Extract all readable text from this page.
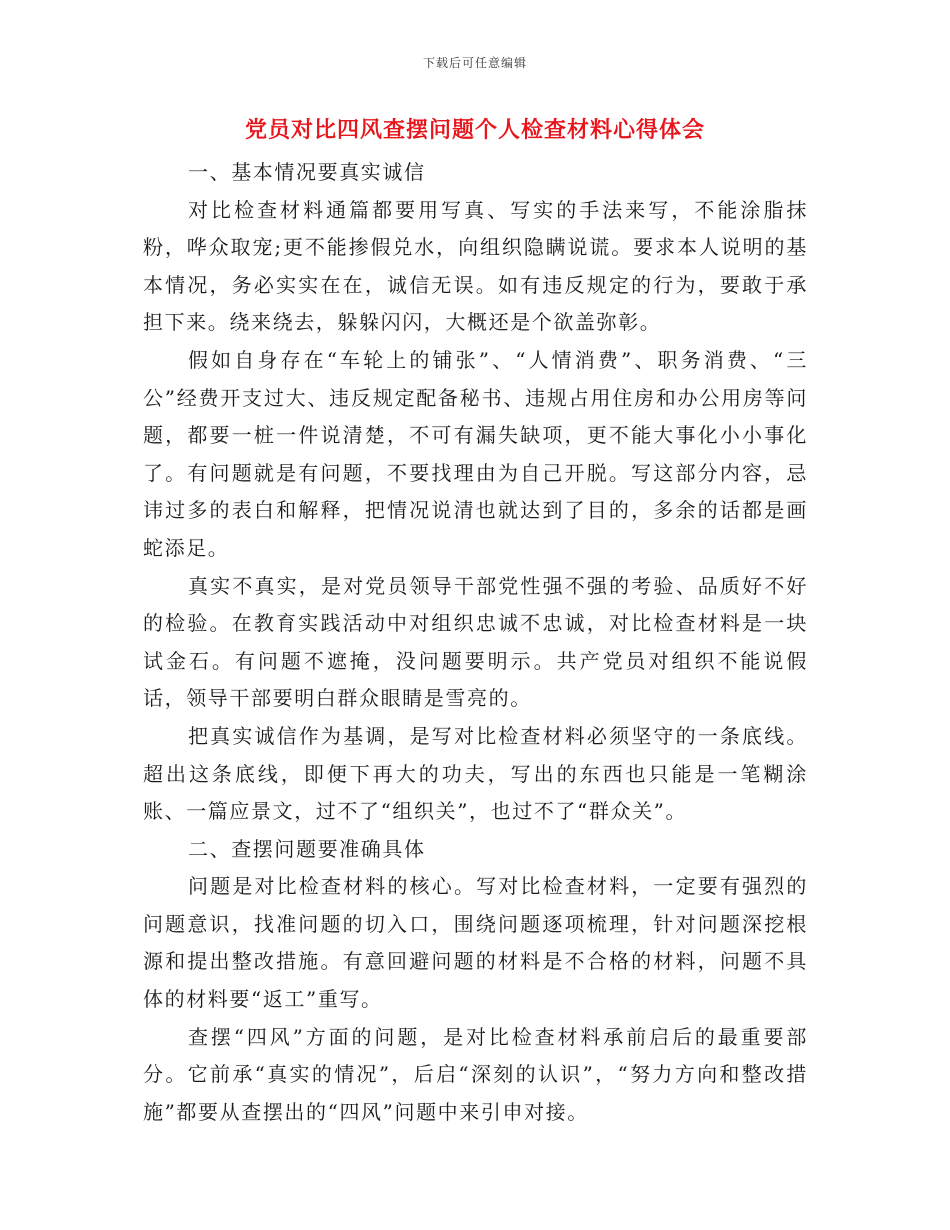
下载后可任意编辑
党员对比四风查摆问题个人检查材料心得体会

一、基本情况要真实诚信

对比检查材料通篇都要用写真、写实的手法来写，不能涂脂抹粉，哗众取宠;更不能掺假兑水，向组织隐瞒说谎。要求本人说明的基本情况，务必实实在在，诚信无误。如有违反规定的行为，要敢于承担下来。绕来绕去，躲躲闪闪，大概还是个欲盖弥彰。

假如自身存在“车轮上的铺张”、“人情消费”、职务消费、“三公”经费开支过大、违反规定配备秘书、违规占用住房和办公用房等问题，都要一桩一件说清楚，不可有漏失缺项，更不能大事化小小事化了。有问题就是有问题，不要找理由为自己开脱。写这部分内容，忌讳过多的表白和解释，把情况说清也就达到了目的，多余的话都是画蛇添足。

真实不真实，是对党员领导干部党性强不强的考验、品质好不好的检验。在教育实践活动中对组织忠诚不忠诚，对比检查材料是一块试金石。有问题不遮掩，没问题要明示。共产党员对组织不能说假话，领导干部要明白群众眼睛是雪亮的。

把真实诚信作为基调，是写对比检查材料必须坚守的一条底线。超出这条底线，即便下再大的功夫，写出的东西也只能是一笔糊涂账、一篇应景文，过不了“组织关”，也过不了“群众关”。

二、查摆问题要准确具体

问题是对比检查材料的核心。写对比检查材料，一定要有强烈的问题意识，找准问题的切入口，围绕问题逐项梳理，针对问题深挖根源和提出整改措施。有意回避问题的材料是不合格的材料，问题不具体的材料要“返工”重写。

查摆“四风”方面的问题，是对比检查材料承前启后的最重要部分。它前承“真实的情况”，后启“深刻的认识”，“努力方向和整改措施”都要从查摆出的“四风”问题中来引申对接。
